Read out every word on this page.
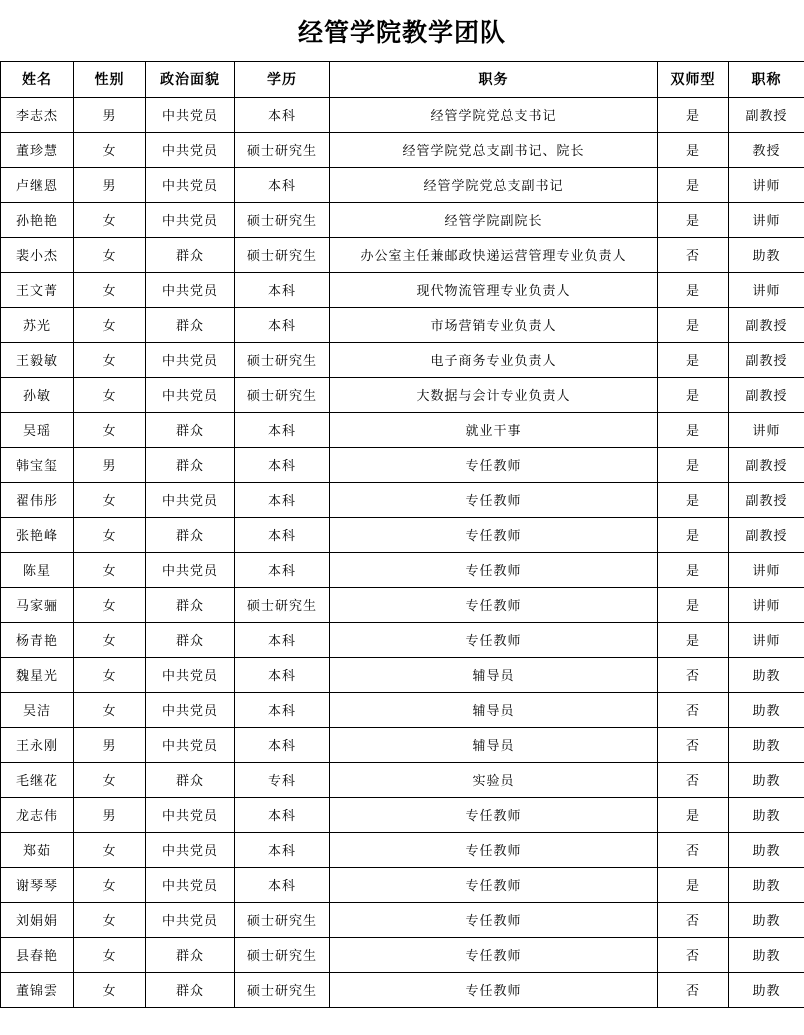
经管学院教学团队
姓名	性别	政治面貌	学历	职务	双师型	职称
李志杰	男	中共党员	本科	经管学院党总支书记	是	副教授
董珍慧	女	中共党员	硕士研究生	经管学院党总支副书记、院长	是	教授
卢继恩	男	中共党员	本科	经管学院党总支副书记	是	讲师
孙艳艳	女	中共党员	硕士研究生	经管学院副院长	是	讲师
裴小杰	女	群众	硕士研究生	办公室主任兼邮政快递运营管理专业负责人	否	助教
王文菁	女	中共党员	本科	现代物流管理专业负责人	是	讲师
苏光	女	群众	本科	市场营销专业负责人	是	副教授
王毅敏	女	中共党员	硕士研究生	电子商务专业负责人	是	副教授
孙敏	女	中共党员	硕士研究生	大数据与会计专业负责人	是	副教授
吴瑶	女	群众	本科	就业干事	是	讲师
韩宝玺	男	群众	本科	专任教师	是	副教授
翟伟彤	女	中共党员	本科	专任教师	是	副教授
张艳峰	女	群众	本科	专任教师	是	副教授
陈星	女	中共党员	本科	专任教师	是	讲师
马家骊	女	群众	硕士研究生	专任教师	是	讲师
杨青艳	女	群众	本科	专任教师	是	讲师
魏星光	女	中共党员	本科	辅导员	否	助教
吴洁	女	中共党员	本科	辅导员	否	助教
王永刚	男	中共党员	本科	辅导员	否	助教
毛继花	女	群众	专科	实验员	否	助教
龙志伟	男	中共党员	本科	专任教师	是	助教
郑茹	女	中共党员	本科	专任教师	否	助教
谢琴琴	女	中共党员	本科	专任教师	是	助教
刘娟娟	女	中共党员	硕士研究生	专任教师	否	助教
县春艳	女	群众	硕士研究生	专任教师	否	助教
董锦雲	女	群众	硕士研究生	专任教师	否	助教
